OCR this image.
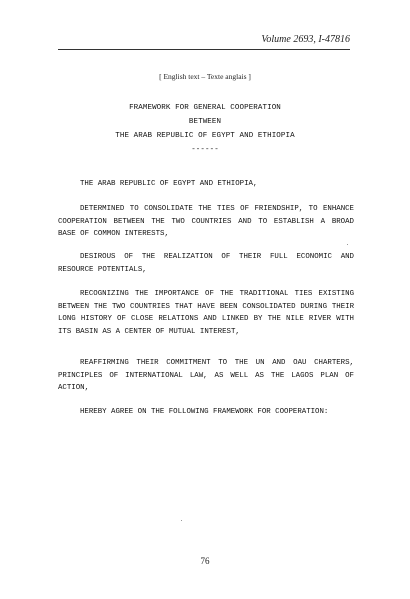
Volume 2693, I-47816
[ English text – Texte anglais ]
FRAMEWORK FOR GENERAL COOPERATION
BETWEEN
THE ARAB REPUBLIC OF EGYPT AND ETHIOPIA
------
THE ARAB REPUBLIC OF EGYPT AND ETHIOPIA,
DETERMINED TO CONSOLIDATE THE TIES OF FRIENDSHIP, TO ENHANCE COOPERATION BETWEEN THE TWO COUNTRIES AND TO ESTABLISH A BROAD BASE OF COMMON INTERESTS,
DESIROUS OF THE REALIZATION OF THEIR FULL ECONOMIC AND RESOURCE POTENTIALS,
RECOGNIZING THE IMPORTANCE OF THE TRADITIONAL TIES EXISTING BETWEEN THE TWO COUNTRIES THAT HAVE BEEN CONSOLIDATED DURING THEIR LONG HISTORY OF CLOSE RELATIONS AND LINKED BY THE NILE RIVER WITH ITS BASIN AS A CENTER OF MUTUAL INTEREST,
REAFFIRMING THEIR COMMITMENT TO THE UN AND OAU CHARTERS, PRINCIPLES OF INTERNATIONAL LAW, AS WELL AS THE LAGOS PLAN OF ACTION,
HEREBY AGREE ON THE FOLLOWING FRAMEWORK FOR COOPERATION:
76
